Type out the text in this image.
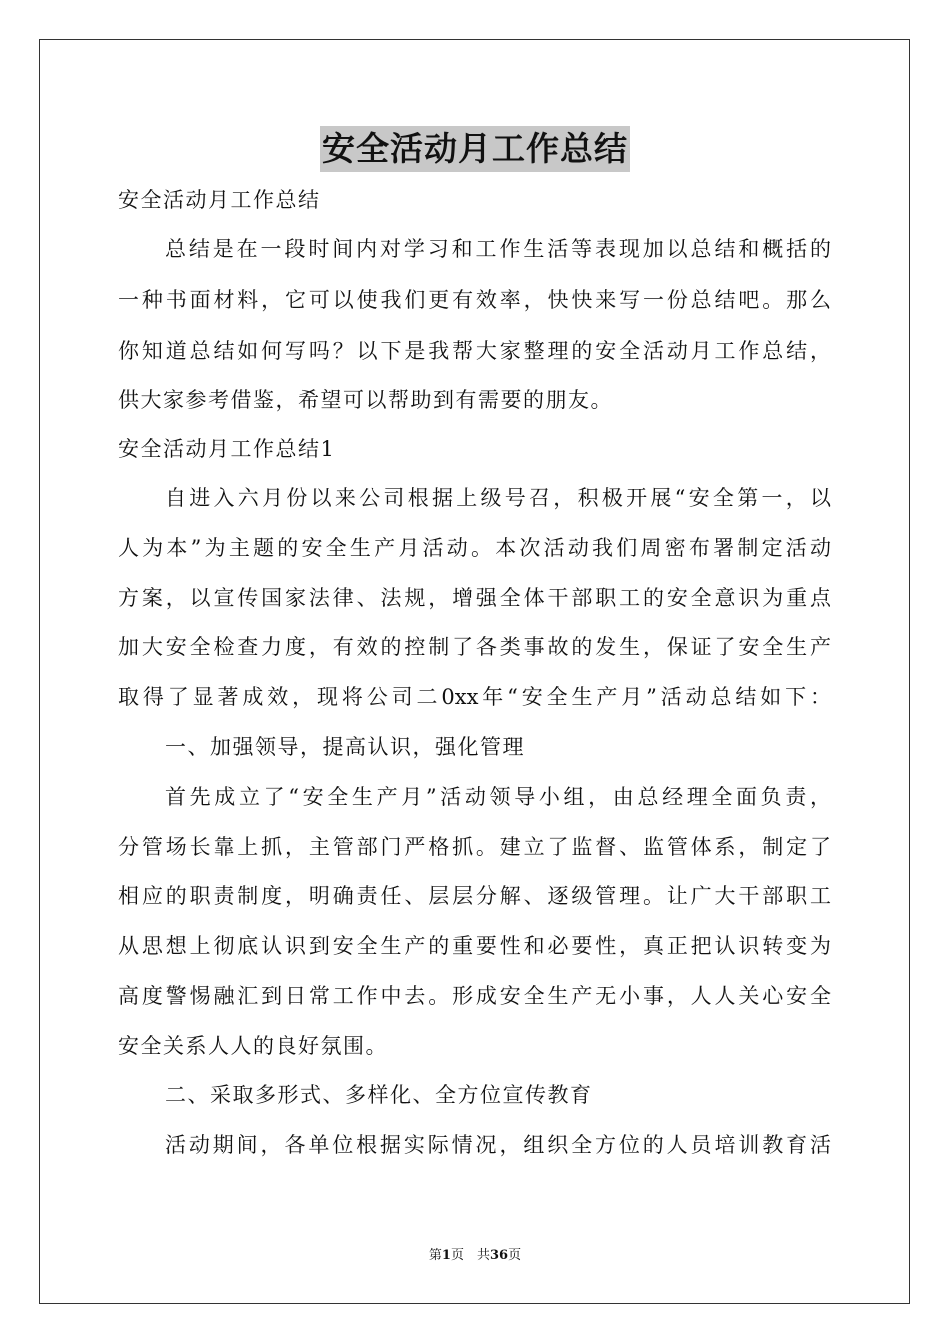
安全活动月工作总结
安全活动月工作总结
总结是在一段时间内对学习和工作生活等表现加以总结和概括的
一种书面材料，它可以使我们更有效率，快快来写一份总结吧。那么
你知道总结如何写吗？以下是我帮大家整理的安全活动月工作总结，
供大家参考借鉴，希望可以帮助到有需要的朋友。
安全活动月工作总结1
自进入六月份以来公司根据上级号召，积极开展“安全第一，以
人为本”为主题的安全生产月活动。本次活动我们周密布署制定活动
方案，以宣传国家法律、法规，增强全体干部职工的安全意识为重点
加大安全检查力度，有效的控制了各类事故的发生，保证了安全生产
取得了显著成效，现将公司二0xx年“安全生产月”活动总结如下：
一、加强领导，提高认识，强化管理
首先成立了“安全生产月”活动领导小组，由总经理全面负责，
分管场长靠上抓，主管部门严格抓。建立了监督、监管体系，制定了
相应的职责制度，明确责任、层层分解、逐级管理。让广大干部职工
从思想上彻底认识到安全生产的重要性和必要性，真正把认识转变为
高度警惕融汇到日常工作中去。形成安全生产无小事，人人关心安全
安全关系人人的良好氛围。
二、采取多形式、多样化、全方位宣传教育
活动期间，各单位根据实际情况，组织全方位的人员培训教育活
第1页　共36页
